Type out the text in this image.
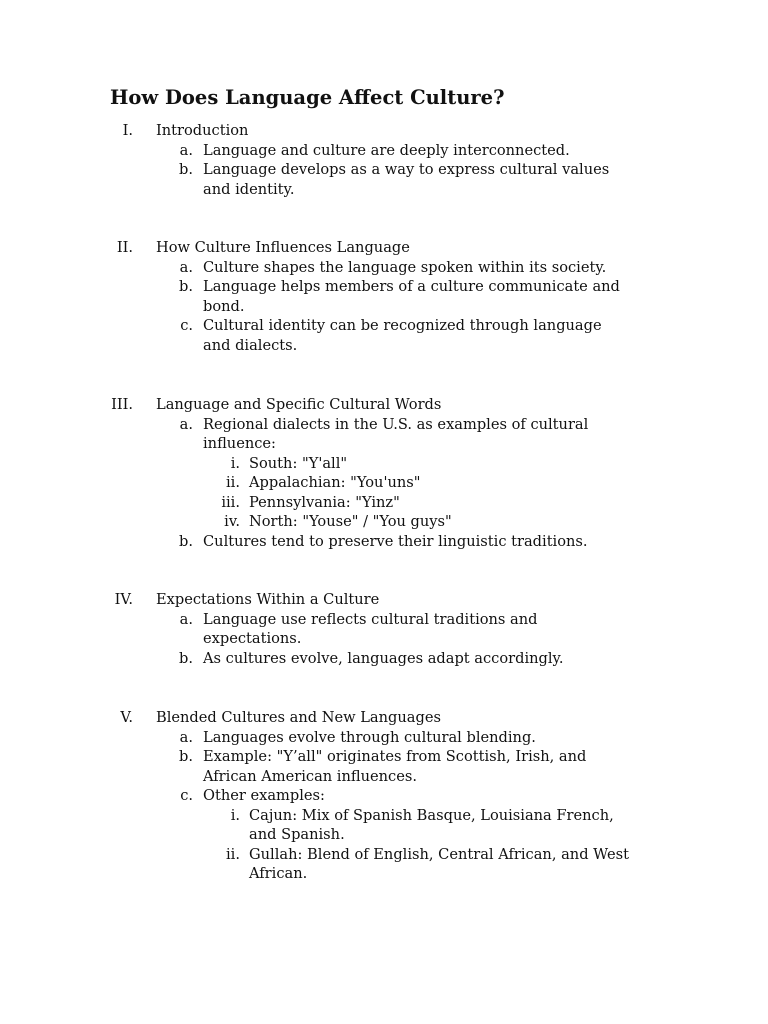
How Does Language Affect Culture?
I. Introduction
a. Language and culture are deeply interconnected.
b. Language develops as a way to express cultural values
and identity.
II. How Culture Influences Language
a. Culture shapes the language spoken within its society.
b. Language helps members of a culture communicate and
bond.
c. Cultural identity can be recognized through language
and dialects.
III. Language and Specific Cultural Words
a. Regional dialects in the U.S. as examples of cultural
influence:
i. South: "Y'all"
ii. Appalachian: "You'uns"
iii. Pennsylvania: "Yinz"
iv. North: "Youse" / "You guys"
b. Cultures tend to preserve their linguistic traditions.
IV. Expectations Within a Culture
a. Language use reflects cultural traditions and
expectations.
b. As cultures evolve, languages adapt accordingly.
V. Blended Cultures and New Languages
a. Languages evolve through cultural blending.
b. Example: "Y’all" originates from Scottish, Irish, and
African American influences.
c. Other examples:
i. Cajun: Mix of Spanish Basque, Louisiana French,
and Spanish.
ii. Gullah: Blend of English, Central African, and West
African.
